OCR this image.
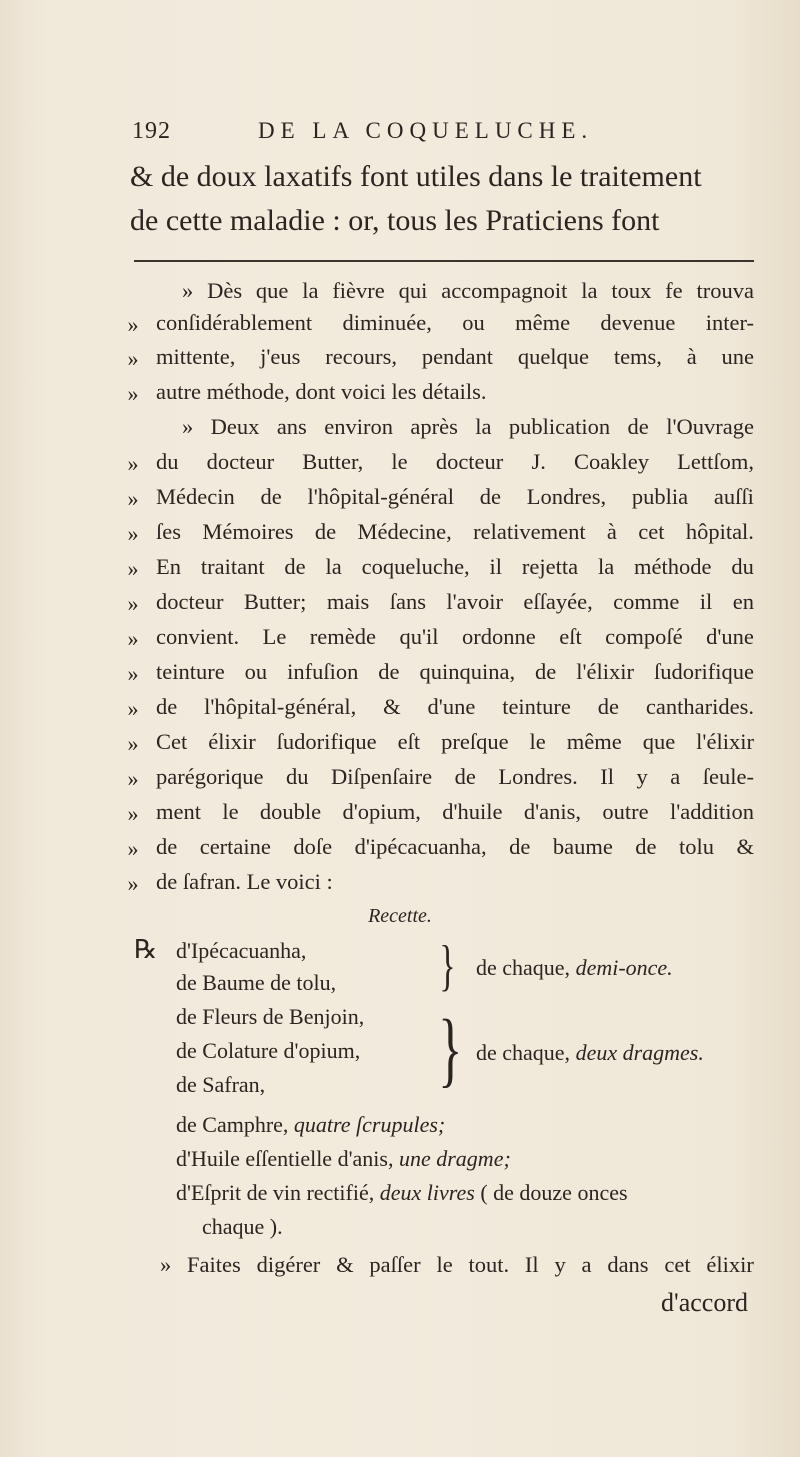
192	DE LA COQUELUCHE.
& de doux laxatifs font utiles dans le traitement
de cette maladie : or, tous les Praticiens font
» Dès que la fièvre qui accompagnoit la toux fe trouva
» conſidérablement diminuée, ou même devenue inter-
» mittente, j'eus recours, pendant quelque tems, à une
» autre méthode, dont voici les détails.
» Deux ans environ après la publication de l'Ouvrage
» du docteur Butter, le docteur J. Coakley Lettſom,
» Médecin de l'hôpital-général de Londres, publia auſſi
» ſes Mémoires de Médecine, relativement à cet hôpital.
» En traitant de la coqueluche, il rejetta la méthode du
» docteur Butter; mais ſans l'avoir eſſayée, comme il en
» convient. Le remède qu'il ordonne eſt compoſé d'une
» teinture ou infuſion de quinquina, de l'élixir ſudorifique
» de l'hôpital-général, & d'une teinture de cantharides.
» Cet élixir ſudorifique eſt preſque le même que l'élixir
» parégorique du Diſpenſaire de Londres. Il y a ſeule-
» ment le double d'opium, d'huile d'anis, outre l'addition
» de certaine doſe d'ipécacuanha, de baume de tolu &
» de ſafran. Le voici :
Recette.
℞ d'Ipécacuanha,
de Baume de tolu, } de chaque, demi-once.
de Fleurs de Benjoin,
de Colature d'opium,
de Safran, } de chaque, deux dragmes.
de Camphre, quatre ſcrupules;
d'Huile eſſentielle d'anis, une dragme;
d'Eſprit de vin rectifié, deux livres ( de douze onces
chaque ).
» Faites digérer & paſſer le tout. Il y a dans cet élixir
d'accord
